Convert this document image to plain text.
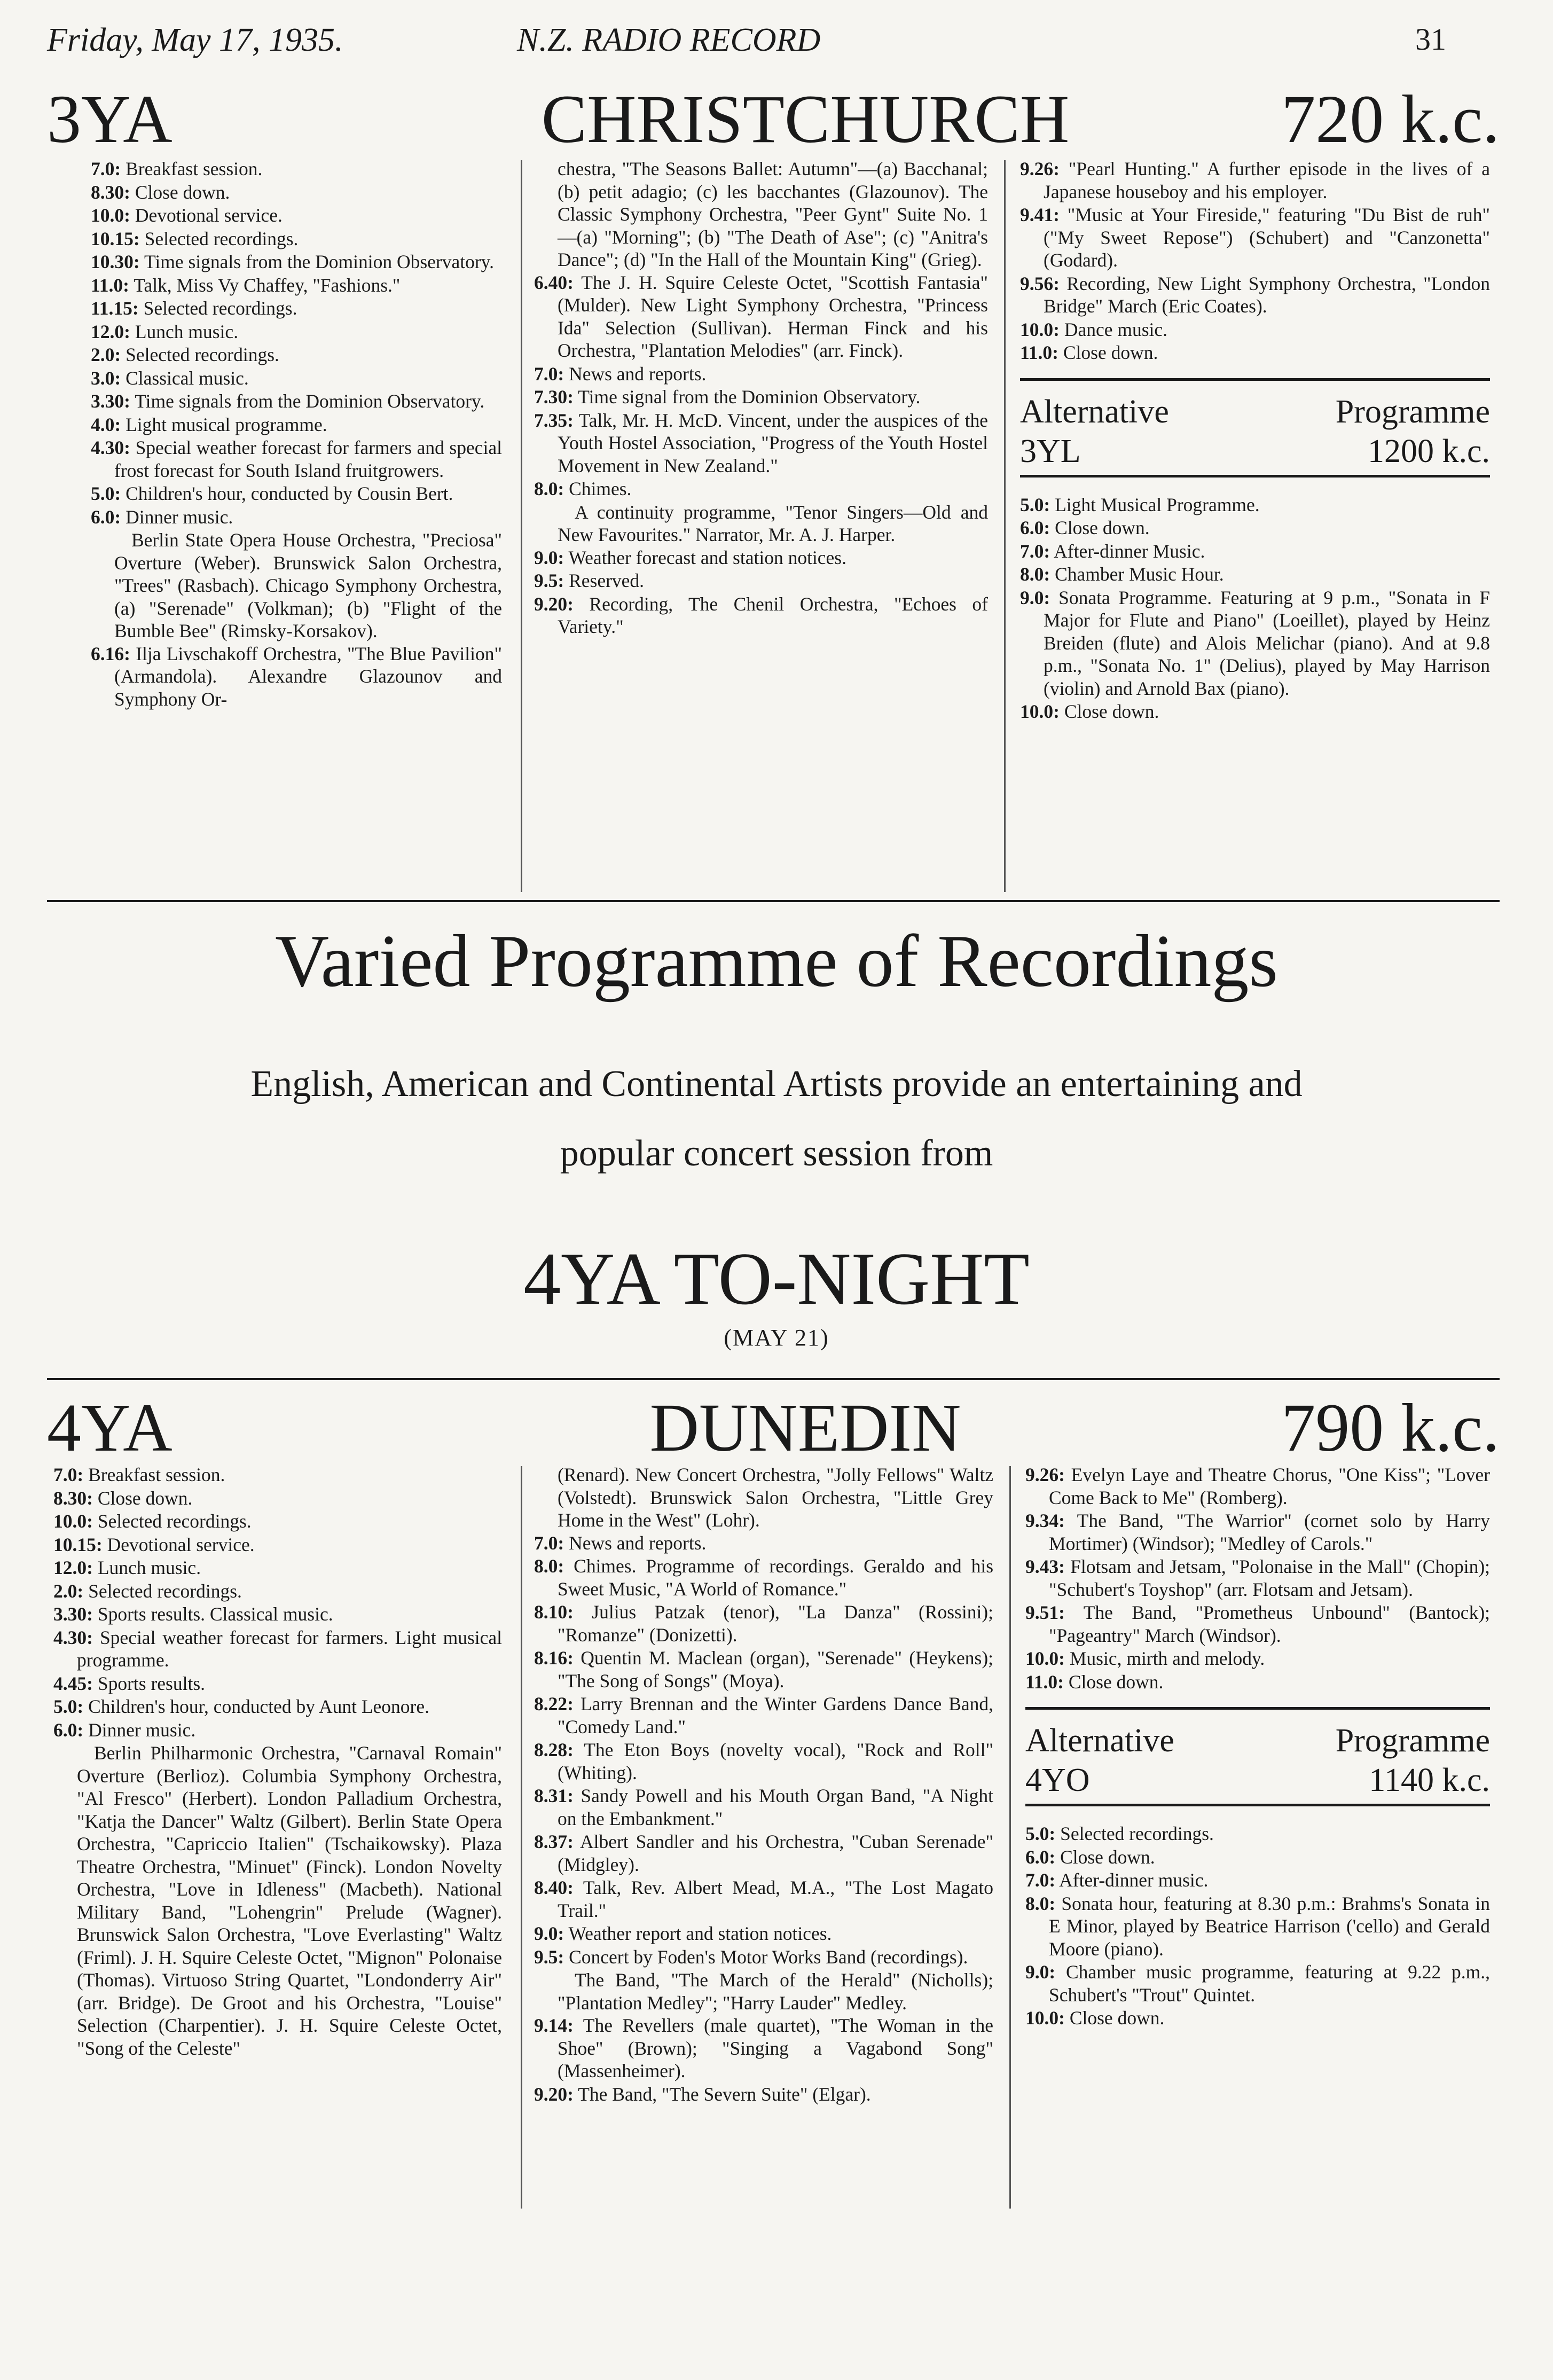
Friday, May 17, 1935.	N.Z. RADIO RECORD	31
3YA	CHRISTCHURCH	720 k.c.

7.0: Breakfast session.

8.30: Close down.

10.0: Devotional service.

10.15: Selected recordings.

10.30: Time signals from the Dominion Observatory.

11.0: Talk, Miss Vy Chaffey, "Fashions."

11.15: Selected recordings.

12.0: Lunch music.

2.0: Selected recordings.

3.0: Classical music.

3.30: Time signals from the Dominion Observatory.

4.0: Light musical programme.

4.30: Special weather forecast for farmers and special frost forecast for South Island fruitgrowers.

5.0: Children's hour, conducted by Cousin Bert.

6.0: Dinner music.

Berlin State Opera House Orchestra, "Preciosa" Overture (Weber). Brunswick Salon Orchestra, "Trees" (Rasbach). Chicago Symphony Orchestra, (a) "Serenade" (Volkman); (b) "Flight of the Bumble Bee" (Rimsky-Korsakov).

6.16: Ilja Livschakoff Orchestra, "The Blue Pavilion" (Armandola). Alexandre Glazounov and Symphony Or-

chestra, "The Seasons Ballet: Autumn"—(a) Bacchanal; (b) petit adagio; (c) les bacchantes (Glazounov). The Classic Symphony Orchestra, "Peer Gynt" Suite No. 1—(a) "Morning"; (b) "The Death of Ase"; (c) "Anitra's Dance"; (d) "In the Hall of the Mountain King" (Grieg).

6.40: The J. H. Squire Celeste Octet, "Scottish Fantasia" (Mulder). New Light Symphony Orchestra, "Princess Ida" Selection (Sullivan). Herman Finck and his Orchestra, "Plantation Melodies" (arr. Finck).

7.0: News and reports.

7.30: Time signal from the Dominion Observatory.

7.35: Talk, Mr. H. McD. Vincent, under the auspices of the Youth Hostel Association, "Progress of the Youth Hostel Movement in New Zealand."

8.0: Chimes.

A continuity programme, "Tenor Singers—Old and New Favourites." Narrator, Mr. A. J. Harper.

9.0: Weather forecast and station notices.

9.5: Reserved.

9.20: Recording, The Chenil Orchestra, "Echoes of Variety."

9.26: "Pearl Hunting." A further episode in the lives of a Japanese houseboy and his employer.

9.41: "Music at Your Fireside," featuring "Du Bist de ruh" ("My Sweet Repose") (Schubert) and "Canzonetta" (Godard).

9.56: Recording, New Light Symphony Orchestra, "London Bridge" March (Eric Coates).

10.0: Dance music.

11.0: Close down.

Alternative	Programme
3YL	1200 k.c.

5.0: Light Musical Programme.

6.0: Close down.

7.0: After-dinner Music.

8.0: Chamber Music Hour.

9.0: Sonata Programme. Featuring at 9 p.m., "Sonata in F Major for Flute and Piano" (Loeillet), played by Heinz Breiden (flute) and Alois Melichar (piano). And at 9.8 p.m., "Sonata No. 1" (Delius), played by May Harrison (violin) and Arnold Bax (piano).

10.0: Close down.

Varied Programme of Recordings
English, American and Continental Artists provide an entertaining and
popular concert session from
4YA TO-NIGHT
(MAY 21)
4YA	DUNEDIN	790 k.c.

7.0: Breakfast session.

8.30: Close down.

10.0: Selected recordings.

10.15: Devotional service.

12.0: Lunch music.

2.0: Selected recordings.

3.30: Sports results. Classical music.

4.30: Special weather forecast for farmers. Light musical programme.

4.45: Sports results.

5.0: Children's hour, conducted by Aunt Leonore.

6.0: Dinner music.

Berlin Philharmonic Orchestra, "Carnaval Romain" Overture (Berlioz). Columbia Symphony Orchestra, "Al Fresco" (Herbert). London Palladium Orchestra, "Katja the Dancer" Waltz (Gilbert). Berlin State Opera Orchestra, "Capriccio Italien" (Tschaikowsky). Plaza Theatre Orchestra, "Minuet" (Finck). London Novelty Orchestra, "Love in Idleness" (Macbeth). National Military Band, "Lohengrin" Prelude (Wagner). Brunswick Salon Orchestra, "Love Everlasting" Waltz (Friml). J. H. Squire Celeste Octet, "Mignon" Polonaise (Thomas). Virtuoso String Quartet, "Londonderry Air" (arr. Bridge). De Groot and his Orchestra, "Louise" Selection (Charpentier). J. H. Squire Celeste Octet, "Song of the Celeste"

(Renard). New Concert Orchestra, "Jolly Fellows" Waltz (Volstedt). Brunswick Salon Orchestra, "Little Grey Home in the West" (Lohr).

7.0: News and reports.

8.0: Chimes. Programme of recordings. Geraldo and his Sweet Music, "A World of Romance."

8.10: Julius Patzak (tenor), "La Danza" (Rossini); "Romanze" (Donizetti).

8.16: Quentin M. Maclean (organ), "Serenade" (Heykens); "The Song of Songs" (Moya).

8.22: Larry Brennan and the Winter Gardens Dance Band, "Comedy Land."

8.28: The Eton Boys (novelty vocal), "Rock and Roll" (Whiting).

8.31: Sandy Powell and his Mouth Organ Band, "A Night on the Embankment."

8.37: Albert Sandler and his Orchestra, "Cuban Serenade" (Midgley).

8.40: Talk, Rev. Albert Mead, M.A., "The Lost Magato Trail."

9.0: Weather report and station notices.

9.5: Concert by Foden's Motor Works Band (recordings).

The Band, "The March of the Herald" (Nicholls); "Plantation Medley"; "Harry Lauder" Medley.

9.14: The Revellers (male quartet), "The Woman in the Shoe" (Brown); "Singing a Vagabond Song" (Massenheimer).

9.20: The Band, "The Severn Suite" (Elgar).

9.26: Evelyn Laye and Theatre Chorus, "One Kiss"; "Lover Come Back to Me" (Romberg).

9.34: The Band, "The Warrior" (cornet solo by Harry Mortimer) (Windsor); "Medley of Carols."

9.43: Flotsam and Jetsam, "Polonaise in the Mall" (Chopin); "Schubert's Toyshop" (arr. Flotsam and Jetsam).

9.51: The Band, "Prometheus Unbound" (Bantock); "Pageantry" March (Windsor).

10.0: Music, mirth and melody.

11.0: Close down.

Alternative	Programme
4YO	1140 k.c.

5.0: Selected recordings.

6.0: Close down.

7.0: After-dinner music.

8.0: Sonata hour, featuring at 8.30 p.m.: Brahms's Sonata in E Minor, played by Beatrice Harrison ('cello) and Gerald Moore (piano).

9.0: Chamber music programme, featuring at 9.22 p.m., Schubert's "Trout" Quintet.

10.0: Close down.
